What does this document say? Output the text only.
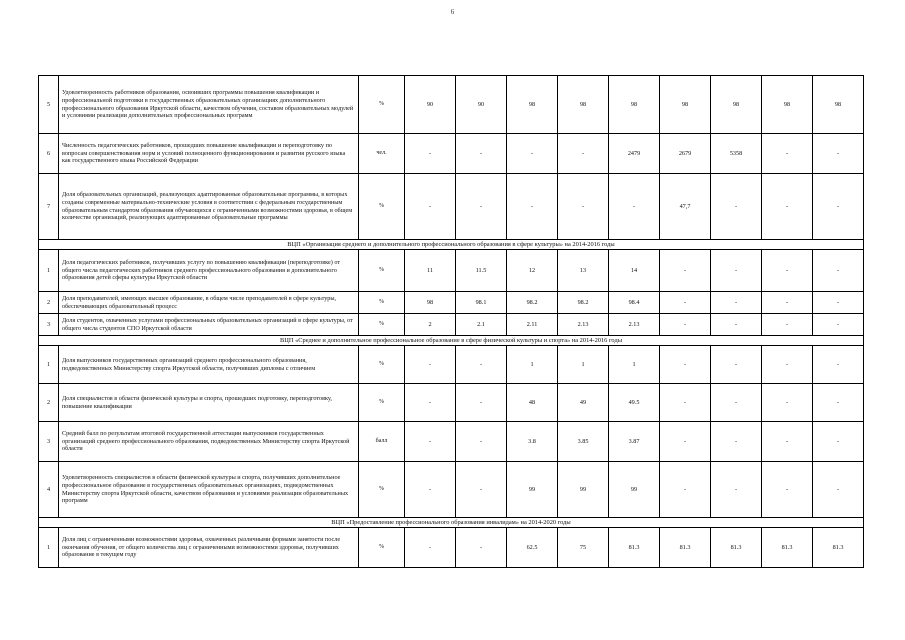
6
5	Удовлетворенность работников образования, освоивших программы повышения квалификации и профессиональной подготовки в государственных образовательных организациях дополнительного профессионального образования Иркутской области, качеством обучения, составом образовательных модулей и условиями реализации дополнительных профессиональных программ	%	90	90	98	98	98	98	98	98	98
6	Численность педагогических работников, прошедших повышение квалификации и переподготовку по вопросам совершенствования норм и условий полноценного функционирования и развития русского языка как государственного языка Российской Федерации	чел.	-	-	-	-	2479	2679	5358	-	-
7	Доля образовательных организаций, реализующих адаптированные образовательные программы, в которых созданы современные материально-технические условия в соответствии с федеральным государственным образовательным стандартом образования обучающихся с ограниченными возможностями здоровья, в общем количестве организаций, реализующих адаптированные образовательные программы	%	-	-	-	-	-	47,7	-	-	-
ВЦП «Организация среднего и дополнительного профессионального образования в сфере культуры» на 2014-2016 годы											
1	Доля педагогических работников, получивших услугу по повышению квалификации (переподготовке) от общего числа педагогических работников среднего профессионального образования и дополнительного образования детей сферы культуры Иркутской области	%	11	11.5	12	13	14	-	-	-	-
2	Доля преподавателей, имеющих высшее образование, в общем числе преподавателей в сфере культуры, обеспечивающих образовательный процесс	%	98	98.1	98.2	98.2	98.4	-	-	-	-
3	Доля студентов, охваченных услугами профессиональных образовательных организаций в сфере культуры, от общего числа студентов СПО Иркутской области	%	2	2.1	2.11	2.13	2.13	-	-	-	-
ВЦП «Среднее и дополнительное профессиональное образование в сфере физической культуры и спорта» на 2014-2016 годы											
1	Доля выпускников государственных организаций среднего профессионального образования, подведомственных Министерству спорта Иркутской области, получивших дипломы с отличием	%	-	-	1	1	1	-	-	-	-
2	Доля специалистов в области физической культуры и спорта, прошедших подготовку, переподготовку, повышение квалификации	%	-	-	48	49	49.5	-	-	-	-
3	Средний балл по результатам итоговой государственной аттестации выпускников государственных организаций среднего профессионального образования, подведомственных Министерству спорта Иркутской области	балл	-	-	3.8	3.85	3.87	-	-	-	-
4	Удовлетворенность специалистов в области физической культуры и спорта, получивших дополнительное профессиональное образование в государственных образовательных организациях, подведомственных Министерству спорта Иркутской области, качеством образования и условиями реализации образовательных программ	%	-	-	99	99	99	-	-	-	-
ВЦП «Предоставление профессионального образования инвалидам» на 2014-2020 годы											
1	Доля лиц с ограниченными возможностями здоровья, охваченных различными формами занятости после окончания обучения, от общего количества лиц с ограниченными возможностями здоровья, получивших образование в текущем году	%	-	-	62.5	75	81.3	81.3	81.3	81.3	81.3
